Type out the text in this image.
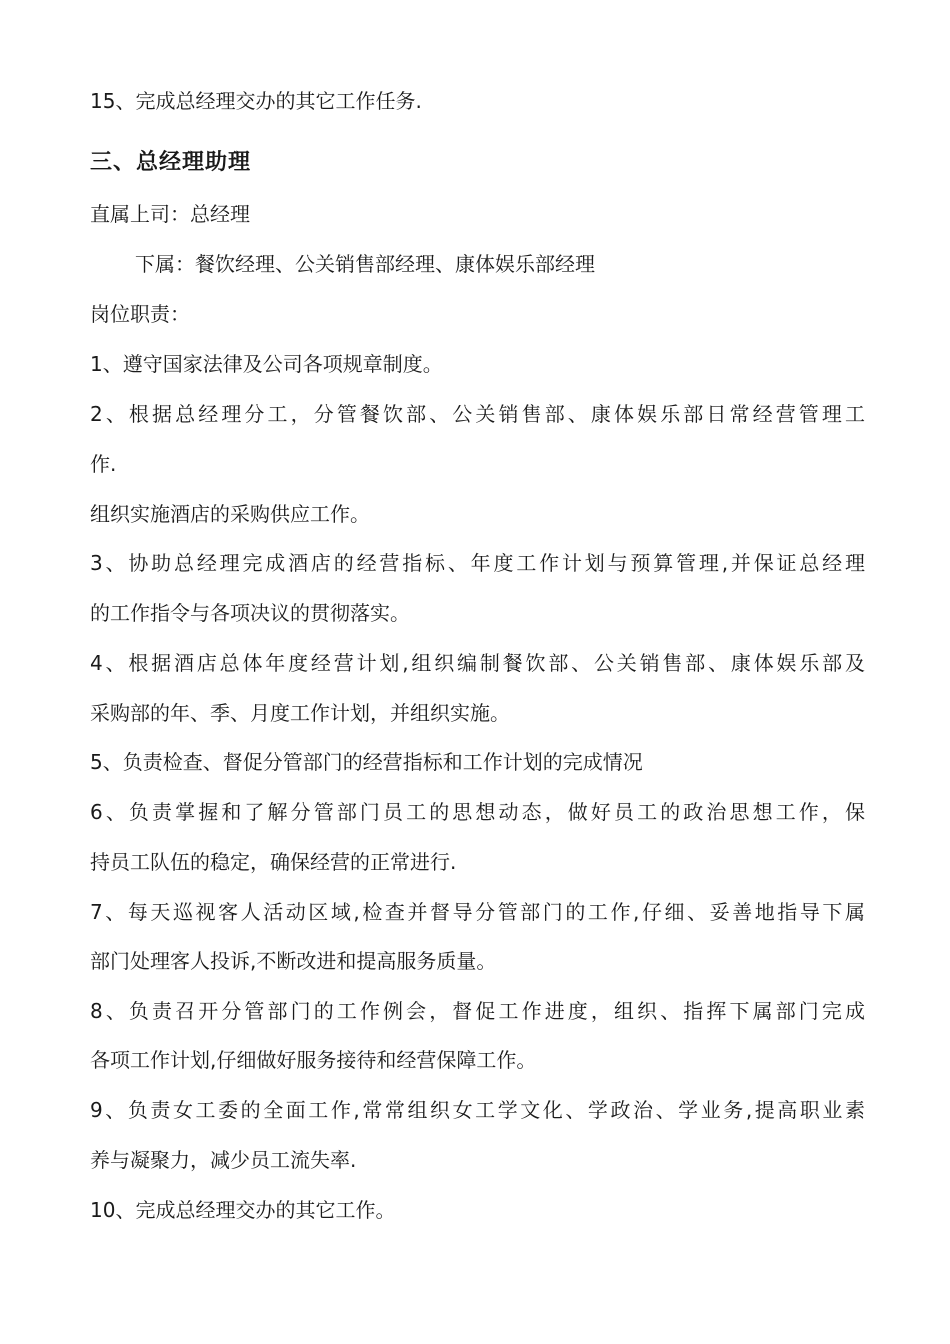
15、完成总经理交办的其它工作任务.
三、总经理助理
直属上司：总经理
下属：餐饮经理、公关销售部经理、康体娱乐部经理
岗位职责：
1、遵守国家法律及公司各项规章制度。
2、根据总经理分工，分管餐饮部、公关销售部、康体娱乐部日常经营管理工
作.
组织实施酒店的采购供应工作。
3、协助总经理完成酒店的经营指标、年度工作计划与预算管理,并保证总经理
的工作指令与各项决议的贯彻落实。
4、根据酒店总体年度经营计划,组织编制餐饮部、公关销售部、康体娱乐部及
采购部的年、季、月度工作计划，并组织实施。
5、负责检查、督促分管部门的经营指标和工作计划的完成情况
6、负责掌握和了解分管部门员工的思想动态，做好员工的政治思想工作，保
持员工队伍的稳定，确保经营的正常进行.
7、每天巡视客人活动区域,检查并督导分管部门的工作,仔细、妥善地指导下属
部门处理客人投诉,不断改进和提高服务质量。
8、负责召开分管部门的工作例会，督促工作进度，组织、指挥下属部门完成
各项工作计划,仔细做好服务接待和经营保障工作。
9、负责女工委的全面工作,常常组织女工学文化、学政治、学业务,提高职业素
养与凝聚力，减少员工流失率.
10、完成总经理交办的其它工作。
